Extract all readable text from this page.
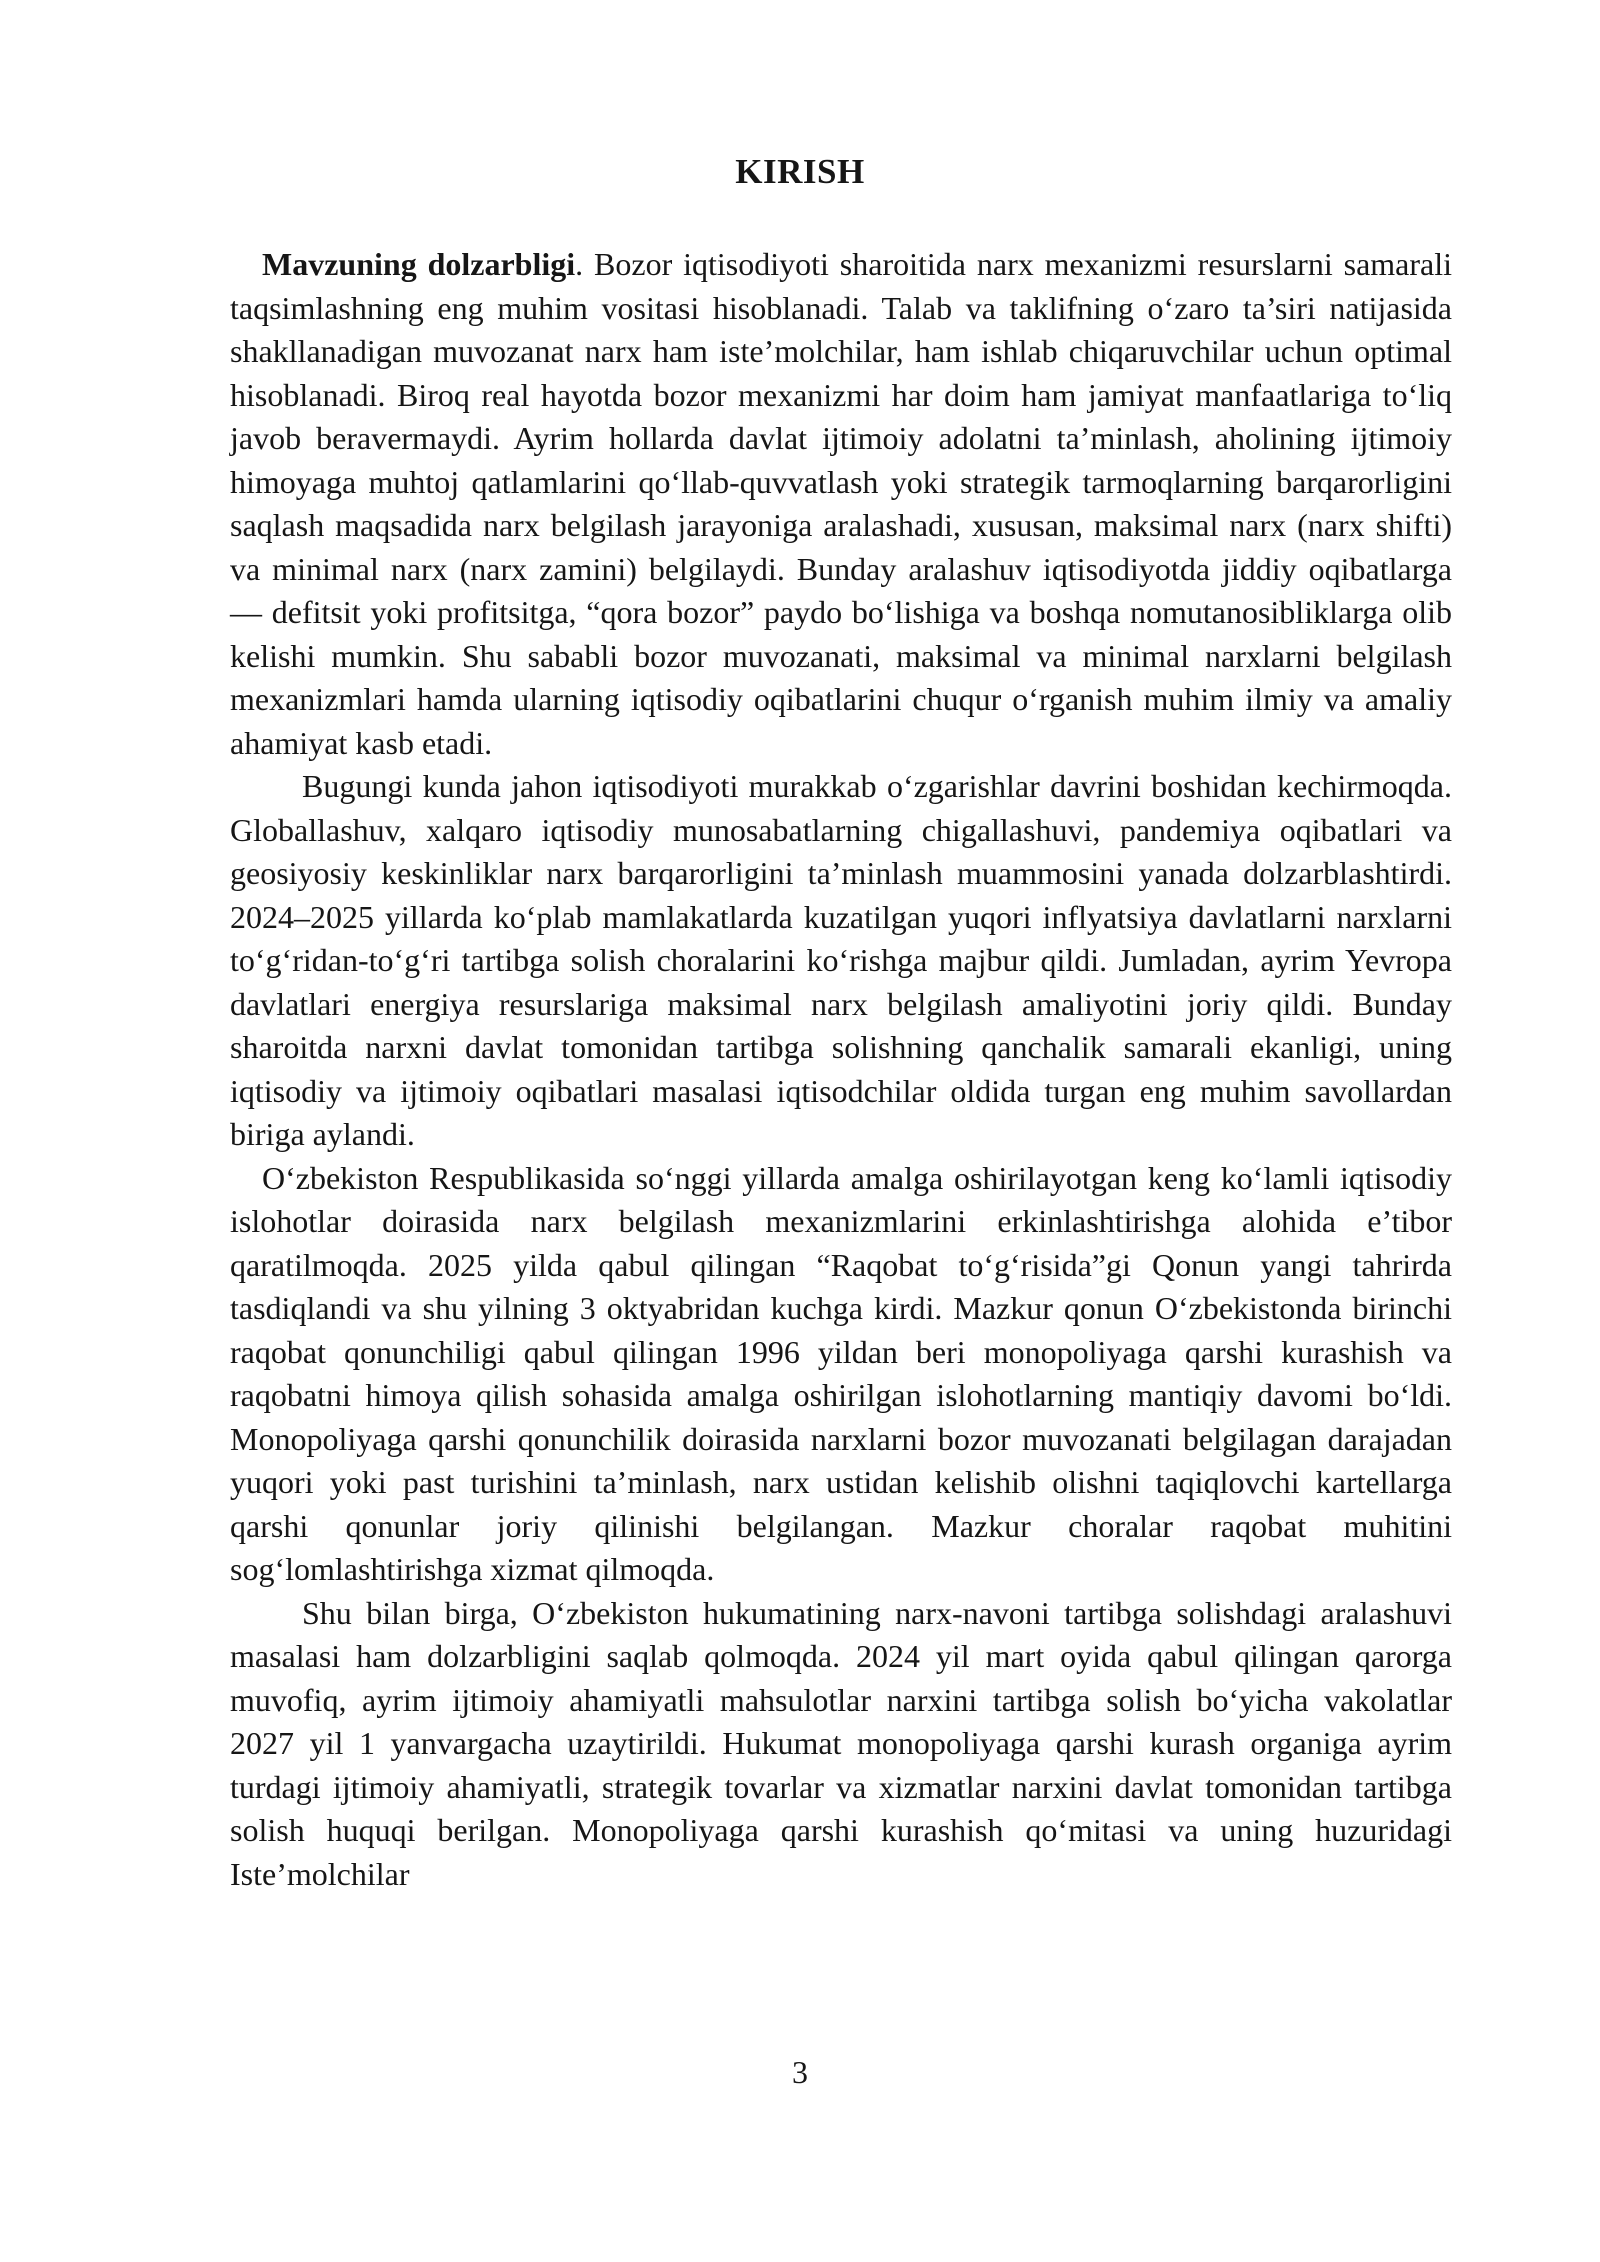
KIRISH

Mavzuning dolzarbligi. Bozor iqtisodiyoti sharoitida narx mexanizmi resurslarni samarali taqsimlashning eng muhim vositasi hisoblanadi. Talab va taklifning o‘zaro ta’siri natijasida shakllanadigan muvozanat narx ham iste’molchilar, ham ishlab chiqaruvchilar uchun optimal hisoblanadi. Biroq real hayotda bozor mexanizmi har doim ham jamiyat manfaatlariga to‘liq javob beravermaydi. Ayrim hollarda davlat ijtimoiy adolatni ta’minlash, aholining ijtimoiy himoyaga muhtoj qatlamlarini qo‘llab-quvvatlash yoki strategik tarmoqlarning barqarorligini saqlash maqsadida narx belgilash jarayoniga aralashadi, xususan, maksimal narx (narx shifti) va minimal narx (narx zamini) belgilaydi. Bunday aralashuv iqtisodiyotda jiddiy oqibatlarga — defitsit yoki profitsitga, “qora bozor” paydo bo‘lishiga va boshqa nomutanosibliklarga olib kelishi mumkin. Shu sababli bozor muvozanati, maksimal va minimal narxlarni belgilash mexanizmlari hamda ularning iqtisodiy oqibatlarini chuqur o‘rganish muhim ilmiy va amaliy ahamiyat kasb etadi.

Bugungi kunda jahon iqtisodiyoti murakkab o‘zgarishlar davrini boshidan kechirmoqda. Globallashuv, xalqaro iqtisodiy munosabatlarning chigallashuvi, pandemiya oqibatlari va geosiyosiy keskinliklar narx barqarorligini ta’minlash muammosini yanada dolzarblashtirdi. 2024–2025 yillarda ko‘plab mamlakatlarda kuzatilgan yuqori inflyatsiya davlatlarni narxlarni to‘g‘ridan-to‘g‘ri tartibga solish choralarini ko‘rishga majbur qildi. Jumladan, ayrim Yevropa davlatlari energiya resurslariga maksimal narx belgilash amaliyotini joriy qildi. Bunday sharoitda narxni davlat tomonidan tartibga solishning qanchalik samarali ekanligi, uning iqtisodiy va ijtimoiy oqibatlari masalasi iqtisodchilar oldida turgan eng muhim savollardan biriga aylandi.

O‘zbekiston Respublikasida so‘nggi yillarda amalga oshirilayotgan keng ko‘lamli iqtisodiy islohotlar doirasida narx belgilash mexanizmlarini erkinlashtirishga alohida e’tibor qaratilmoqda. 2025 yilda qabul qilingan “Raqobat to‘g‘risida”gi Qonun yangi tahrirda tasdiqlandi va shu yilning 3 oktyabridan kuchga kirdi. Mazkur qonun O‘zbekistonda birinchi raqobat qonunchiligi qabul qilingan 1996 yildan beri monopoliyaga qarshi kurashish va raqobatni himoya qilish sohasida amalga oshirilgan islohotlarning mantiqiy davomi bo‘ldi. Monopoliyaga qarshi qonunchilik doirasida narxlarni bozor muvozanati belgilagan darajadan yuqori yoki past turishini ta’minlash, narx ustidan kelishib olishni taqiqlovchi kartellarga qarshi qonunlar joriy qilinishi belgilangan. Mazkur choralar raqobat muhitini sog‘lomlashtirishga xizmat qilmoqda.

Shu bilan birga, O‘zbekiston hukumatining narx-navoni tartibga solishdagi aralashuvi masalasi ham dolzarbligini saqlab qolmoqda. 2024 yil mart oyida qabul qilingan qarorga muvofiq, ayrim ijtimoiy ahamiyatli mahsulotlar narxini tartibga solish bo‘yicha vakolatlar 2027 yil 1 yanvargacha uzaytirildi. Hukumat monopoliyaga qarshi kurash organiga ayrim turdagi ijtimoiy ahamiyatli, strategik tovarlar va xizmatlar narxini davlat tomonidan tartibga solish huquqi berilgan. Monopoliyaga qarshi kurashish qo‘mitasi va uning huzuridagi Iste’molchilar

3
